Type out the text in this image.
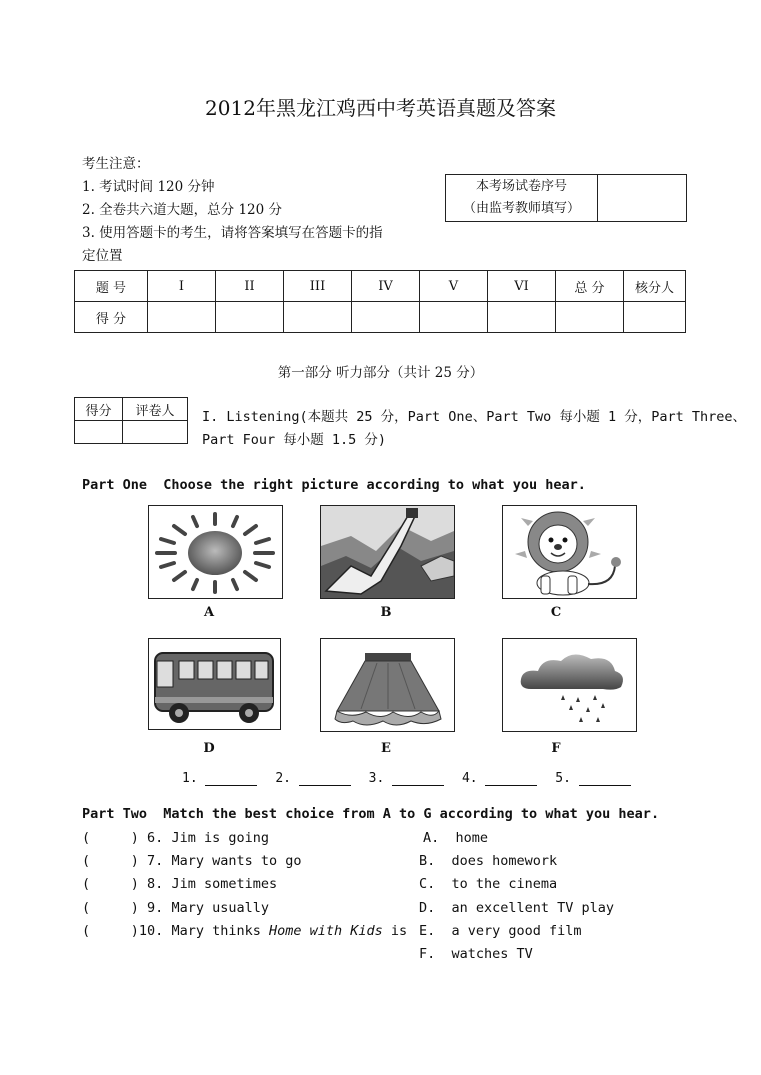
2012年黑龙江鸡西中考英语真题及答案
考生注意：
1. 考试时间 120 分钟
2. 全卷共六道大题，总分 120 分
3. 使用答题卡的考生，请将答案填写在答题卡的指
定位置
本考场试卷序号
（由监考教师填写）
题 号	I	II	III	IV	V	VI	总 分	核分人
得 分								
第一部分 听力部分（共计 25 分）
得分	评卷人
	I. Listening(本题共 25 分，Part One、Part Two 每小题 1 分，Part Three、
Part Four 每小题 1.5 分)
Part One  Choose the right picture according to what you hear.
A	B	C
D	E	F
1.	2.	3.	4.	5.
Part Two  Match the best choice from A to G according to what you hear.
(     ) 6. Jim is going
(     ) 7. Mary wants to go
(     ) 8. Jim sometimes
(     ) 9. Mary usually
(     )10. Mary thinks Home with Kids is
A.  home
B.  does homework
C.  to the cinema
D.  an excellent TV play
E.  a very good film
F.  watches TV
